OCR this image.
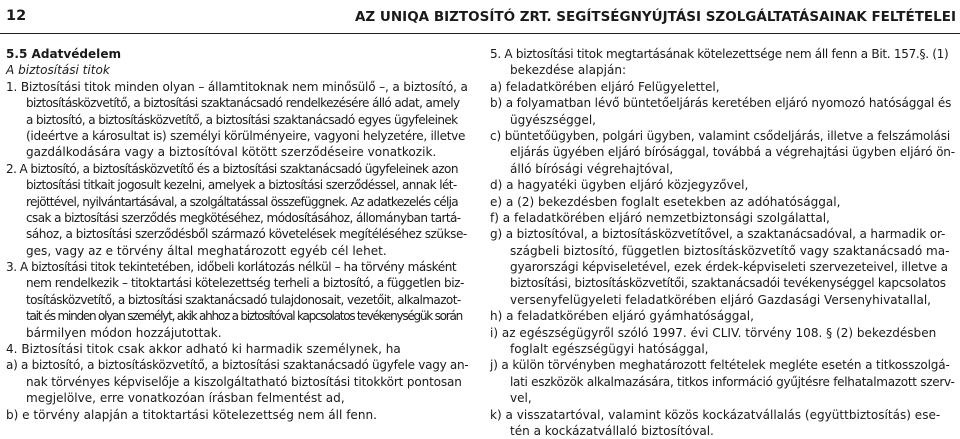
12	AZ UNIQA BIZTOSÍTÓ ZRT. SEGÍTSÉGNYÚJTÁSI SZOLGÁLTATÁSAINAK FELTÉTELEI
5.5 Adatvédelem
A biztosítási titok
1. Biztosítási titok minden olyan – államtitoknak nem minősülő –, a biztosító, a
biztosításközvetítő, a biztosítási szaktanácsadó rendelkezésére álló adat, amely
a biztosító, a biztosításközvetítő, a biztosítási szaktanácsadó egyes ügyfeleinek
(ideértve a károsultat is) személyi körülményeire, vagyoni helyzetére, illetve
gazdálkodására vagy a biztosítóval kötött szerződéseire vonatkozik.
2. A biztosító, a biztosításközvetítő és a biztosítási szaktanácsadó ügyfeleinek azon
biztosítási titkait jogosult kezelni, amelyek a biztosítási szerződéssel, annak lét-
rejöttével, nyilvántartásával, a szolgáltatással összefüggnek. Az adatkezelés célja
csak a biztosítási szerződés megkötéséhez, módosításához, állományban tartá-
sához, a biztosítási szerződésből származó követelések megítéléséhez szükse-
ges, vagy az e törvény által meghatározott egyéb cél lehet.
3. A biztosítási titok tekintetében, időbeli korlátozás nélkül – ha törvény másként
nem rendelkezik – titoktartási kötelezettség terheli a biztosító, a független biz-
tosításközvetítő, a biztosítási szaktanácsadó tulajdonosait, vezetőit, alkalmazot-
tait és minden olyan személyt, akik ahhoz a biztosítóval kapcsolatos tevékenységük során
bármilyen módon hozzájutottak.
4. Biztosítási titok csak akkor adható ki harmadik személynek, ha
a) a biztosító, a biztosításközvetítő, a biztosítási szaktanácsadó ügyfele vagy an-
nak törvényes képviselője a kiszolgáltatható biztosítási titokkört pontosan
megjelölve, erre vonatkozóan írásban felmentést ad,
b) e törvény alapján a titoktartási kötelezettség nem áll fenn.
5. A biztosítási titok megtartásának kötelezettsége nem áll fenn a Bit. 157.§. (1)
bekezdése alapján:
a) feladatkörében eljáró Felügyelettel,
b) a folyamatban lévő büntetőeljárás keretében eljáró nyomozó hatósággal és
ügyészséggel,
c) büntetőügyben, polgári ügyben, valamint csődeljárás, illetve a felszámolási
eljárás ügyében eljáró bírósággal, továbbá a végrehajtási ügyben eljáró ön-
álló bírósági végrehajtóval,
d) a hagyatéki ügyben eljáró közjegyzővel,
e) a (2) bekezdésben foglalt esetekben az adóhatósággal,
f) a feladatkörében eljáró nemzetbiztonsági szolgálattal,
g) a biztosítóval, a biztosításközvetítővel, a szaktanácsadóval, a harmadik or-
szágbeli biztosító, független biztosításközvetítő vagy szaktanácsadó ma-
gyarországi képviseletével, ezek érdek-képviseleti szervezeteivel, illetve a
biztosítási, biztosításközvetítői, szaktanácsadói tevékenységgel kapcsolatos
versenyfelügyeleti feladatkörében eljáró Gazdasági Versenyhivatallal,
h) a feladatkörében eljáró gyámhatósággal,
i) az egészségügyről szóló 1997. évi CLIV. törvény 108. § (2) bekezdésben
foglalt egészségügyi hatósággal,
j) a külön törvényben meghatározott feltételek megléte esetén a titkosszolgá-
lati eszközök alkalmazására, titkos információ gyűjtésre felhatalmazott szerv-
vel,
k) a visszatartóval, valamint közös kockázatvállalás (együttbiztosítás) ese-
tén a kockázatvállaló biztosítóval.
